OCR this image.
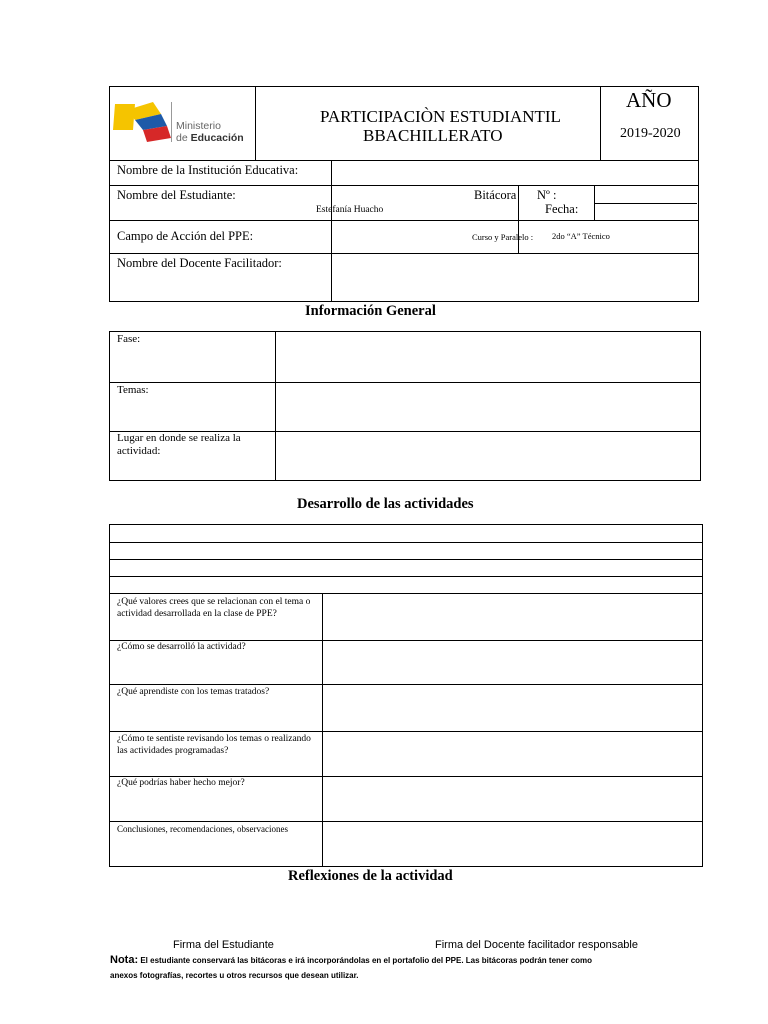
Ministerio
de Educación
PARTICIPACIÒN ESTUDIANTIL
BBACHILLERATO
AÑO
2019-2020
Nombre de la Institución Educativa:
Nombre del Estudiante:
Estefanía Huacho
Bitácora Nº :
Fecha:
Campo de Acción del PPE:	Curso y Paralelo : 2do “A” Técnico
Nombre del Docente Facilitador:
Información General
Fase:
Temas:
Lugar en donde se realiza la
actividad:
Desarrollo de las actividades
¿Qué valores crees que se relacionan con el tema o actividad desarrollada en la clase de PPE?
¿Cómo se desarrolló la actividad?
¿Qué aprendiste con los temas tratados?
¿Cómo te sentiste revisando los temas o realizando las actividades programadas?
¿Qué podrías haber hecho mejor?
Conclusiones, recomendaciones, observaciones
Reflexiones de la actividad
Firma del Estudiante	Firma del Docente facilitador responsable
Nota: El estudiante conservará las bitácoras e irá incorporándolas en el portafolio del PPE. Las bitácoras podrán tener como
anexos fotografías, recortes u otros recursos que desean utilizar.
